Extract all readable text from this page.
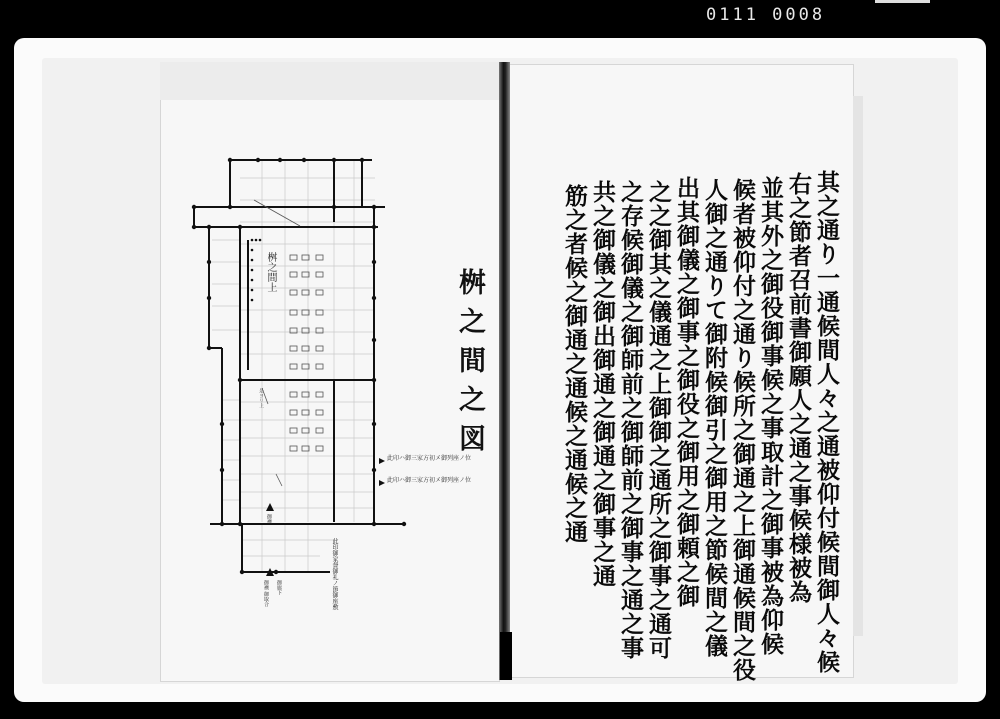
0111 0008
桝之間之図
桝之間上
是ヨリ上
此印ハ御三家方初メ御列座ノ位
此印ハ御三家方初メ御列座ノ位
此印御家督御礼ノ節御座敷
御襖
御襖 御取合 御廊下	其之通り一通候間人々之通被仰付候間御人々候
右之節者召前書御願人之通之事候様被為
並其外之御役御事候之事取計之御事被為仰候
候者被仰付之通り候所之御通之上御通候間之役
人御之通りて御附候御引之御用之節候間之儀
出其御儀之御事之御役之御用之御頼之御
之之御其之儀通之上御御之通所之御事之通可
之存候御儀之御師前之御師前之御事之通之事
共之御儀之御出御通之御通之御事之通
筋之者候之御通之通候之通候之通
